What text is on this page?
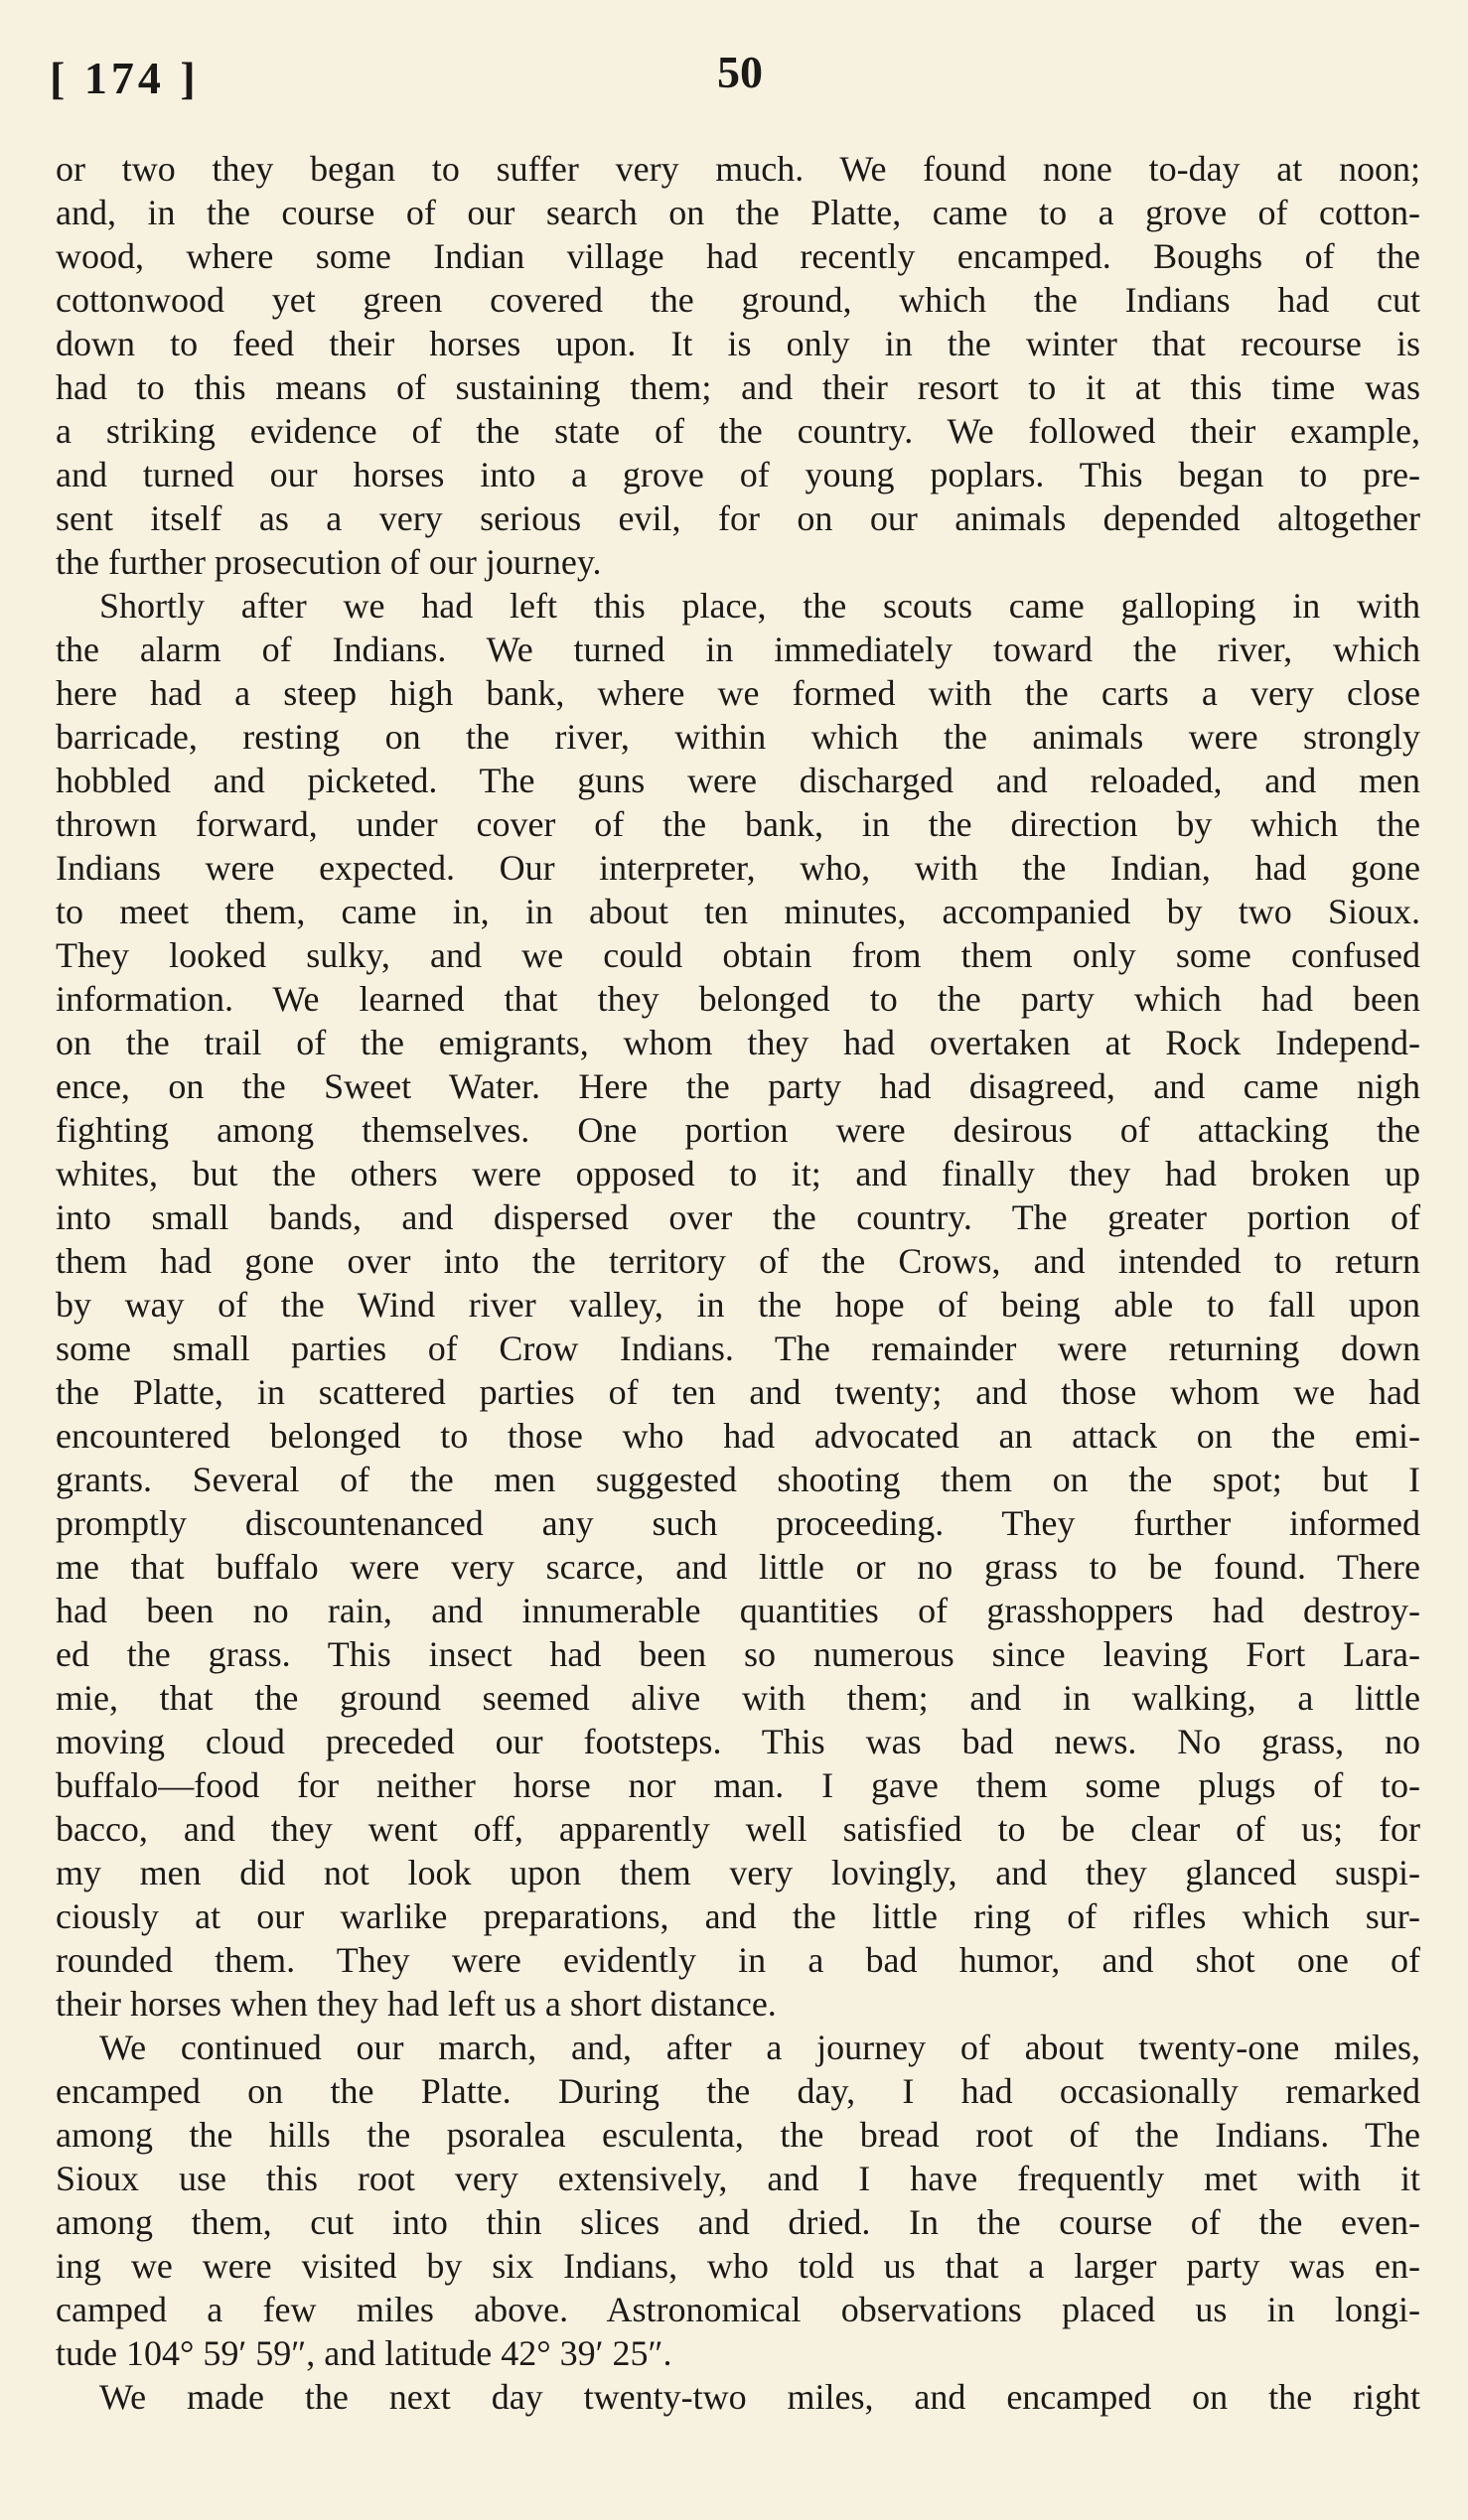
[ 174 ]	50

or two they began to suffer very much. We found none to-day at noon;
and, in the course of our search on the Platte, came to a grove of cotton-
wood, where some Indian village had recently encamped. Boughs of the
cottonwood yet green covered the ground, which the Indians had cut
down to feed their horses upon. It is only in the winter that recourse is
had to this means of sustaining them; and their resort to it at this time was
a striking evidence of the state of the country. We followed their example,
and turned our horses into a grove of young poplars. This began to pre-
sent itself as a very serious evil, for on our animals depended altogether
the further prosecution of our journey.

Shortly after we had left this place, the scouts came galloping in with
the alarm of Indians. We turned in immediately toward the river, which
here had a steep high bank, where we formed with the carts a very close
barricade, resting on the river, within which the animals were strongly
hobbled and picketed. The guns were discharged and reloaded, and men
thrown forward, under cover of the bank, in the direction by which the
Indians were expected. Our interpreter, who, with the Indian, had gone
to meet them, came in, in about ten minutes, accompanied by two Sioux.
They looked sulky, and we could obtain from them only some confused
information. We learned that they belonged to the party which had been
on the trail of the emigrants, whom they had overtaken at Rock Independ-
ence, on the Sweet Water. Here the party had disagreed, and came nigh
fighting among themselves. One portion were desirous of attacking the
whites, but the others were opposed to it; and finally they had broken up
into small bands, and dispersed over the country. The greater portion of
them had gone over into the territory of the Crows, and intended to return
by way of the Wind river valley, in the hope of being able to fall upon
some small parties of Crow Indians. The remainder were returning down
the Platte, in scattered parties of ten and twenty; and those whom we had
encountered belonged to those who had advocated an attack on the emi-
grants. Several of the men suggested shooting them on the spot; but I
promptly discountenanced any such proceeding. They further informed
me that buffalo were very scarce, and little or no grass to be found. There
had been no rain, and innumerable quantities of grasshoppers had destroy-
ed the grass. This insect had been so numerous since leaving Fort Lara-
mie, that the ground seemed alive with them; and in walking, a little
moving cloud preceded our footsteps. This was bad news. No grass, no
buffalo—food for neither horse nor man. I gave them some plugs of to-
bacco, and they went off, apparently well satisfied to be clear of us; for
my men did not look upon them very lovingly, and they glanced suspi-
ciously at our warlike preparations, and the little ring of rifles which sur-
rounded them. They were evidently in a bad humor, and shot one of
their horses when they had left us a short distance.

We continued our march, and, after a journey of about twenty-one miles,
encamped on the Platte. During the day, I had occasionally remarked
among the hills the psoralea esculenta, the bread root of the Indians. The
Sioux use this root very extensively, and I have frequently met with it
among them, cut into thin slices and dried. In the course of the even-
ing we were visited by six Indians, who told us that a larger party was en-
camped a few miles above. Astronomical observations placed us in longi-
tude 104° 59′ 59″, and latitude 42° 39′ 25″.

We made the next day twenty-two miles, and encamped on the right
